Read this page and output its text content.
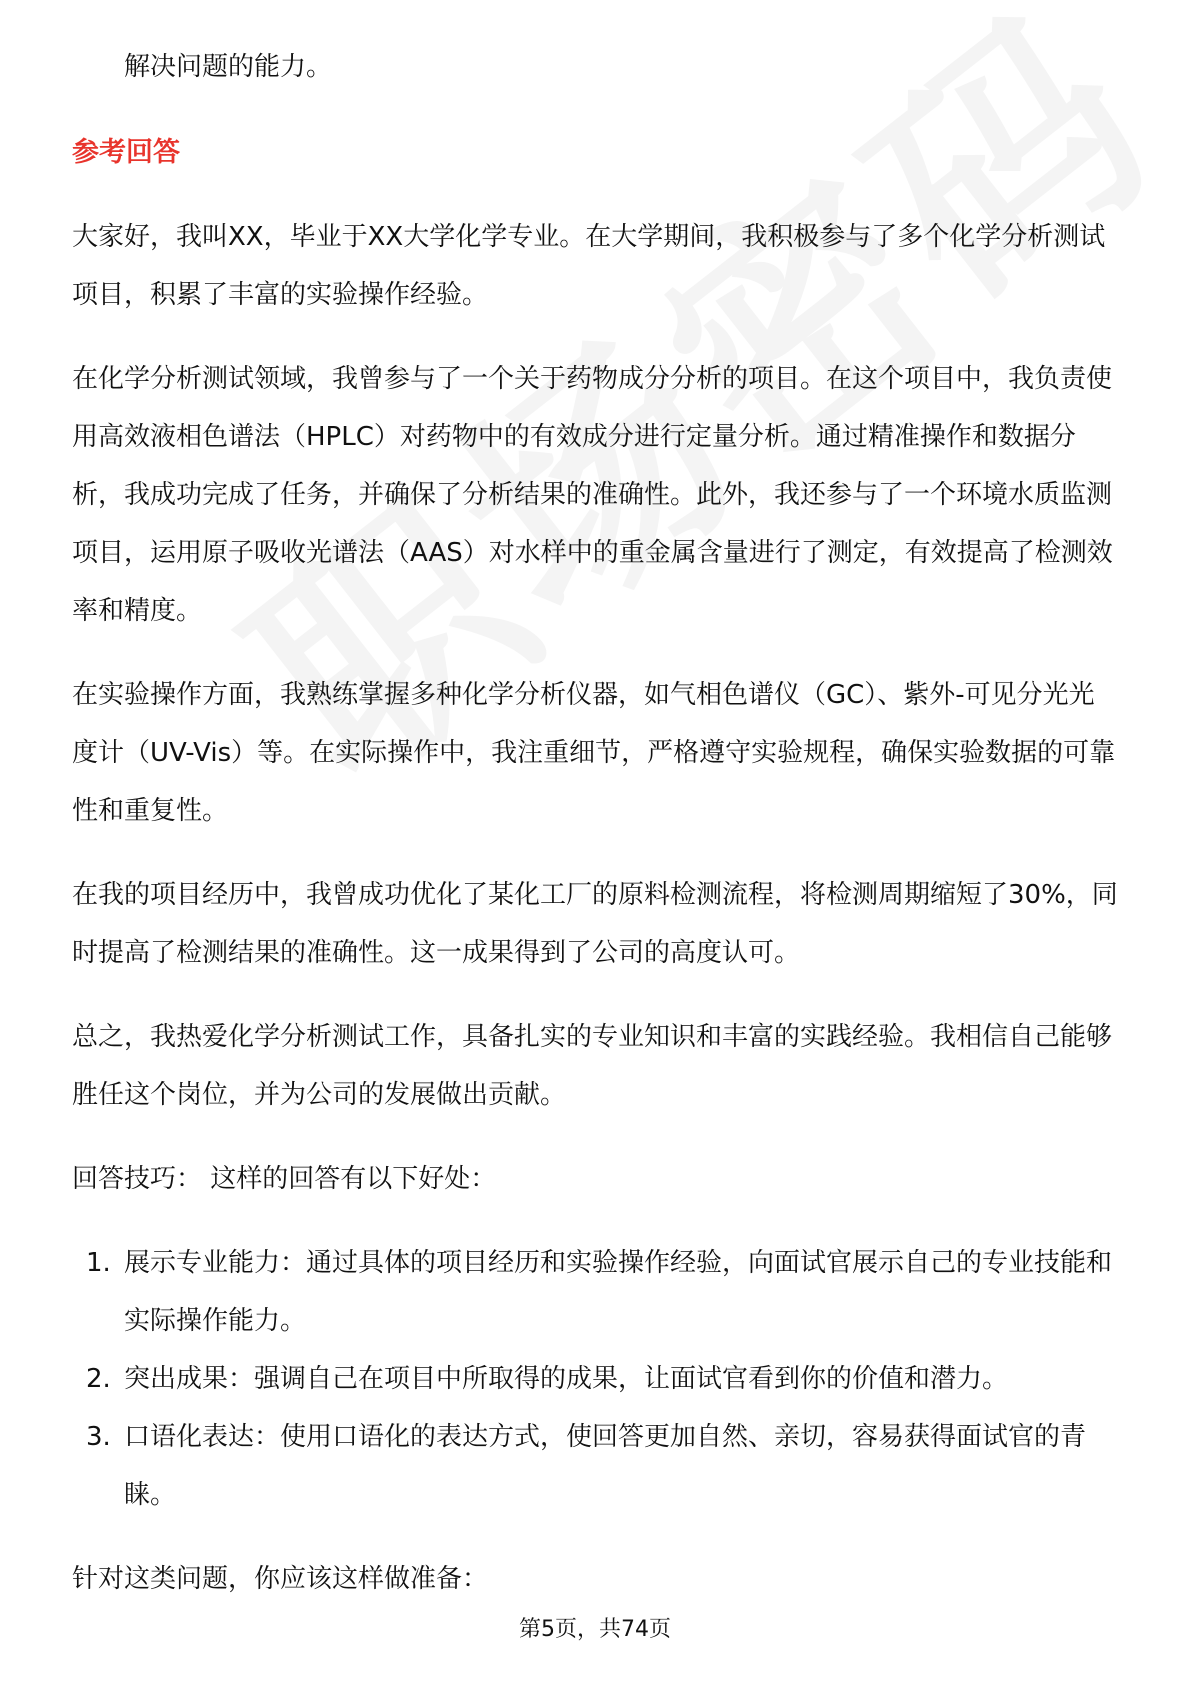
解决问题的能力。

参考回答

大家好，我叫XX，毕业于XX大学化学专业。在大学期间，我积极参与了多个化学分析测试项目，积累了丰富的实验操作经验。

在化学分析测试领域，我曾参与了一个关于药物成分分析的项目。在这个项目中，我负责使用高效液相色谱法（HPLC）对药物中的有效成分进行定量分析。通过精准操作和数据分析，我成功完成了任务，并确保了分析结果的准确性。此外，我还参与了一个环境水质监测项目，运用原子吸收光谱法（AAS）对水样中的重金属含量进行了测定，有效提高了检测效率和精度。

在实验操作方面，我熟练掌握多种化学分析仪器，如气相色谱仪（GC）、紫外-可见分光光度计（UV-Vis）等。在实际操作中，我注重细节，严格遵守实验规程，确保实验数据的可靠性和重复性。

在我的项目经历中，我曾成功优化了某化工厂的原料检测流程，将检测周期缩短了30%，同时提高了检测结果的准确性。这一成果得到了公司的高度认可。

总之，我热爱化学分析测试工作，具备扎实的专业知识和丰富的实践经验。我相信自己能够胜任这个岗位，并为公司的发展做出贡献。

回答技巧： 这样的回答有以下好处：

1. 展示专业能力：通过具体的项目经历和实验操作经验，向面试官展示自己的专业技能和实际操作能力。
2. 突出成果：强调自己在项目中所取得的成果，让面试官看到你的价值和潜力。
3. 口语化表达：使用口语化的表达方式，使回答更加自然、亲切，容易获得面试官的青睐。

针对这类问题，你应该这样做准备：

第5页，共74页
